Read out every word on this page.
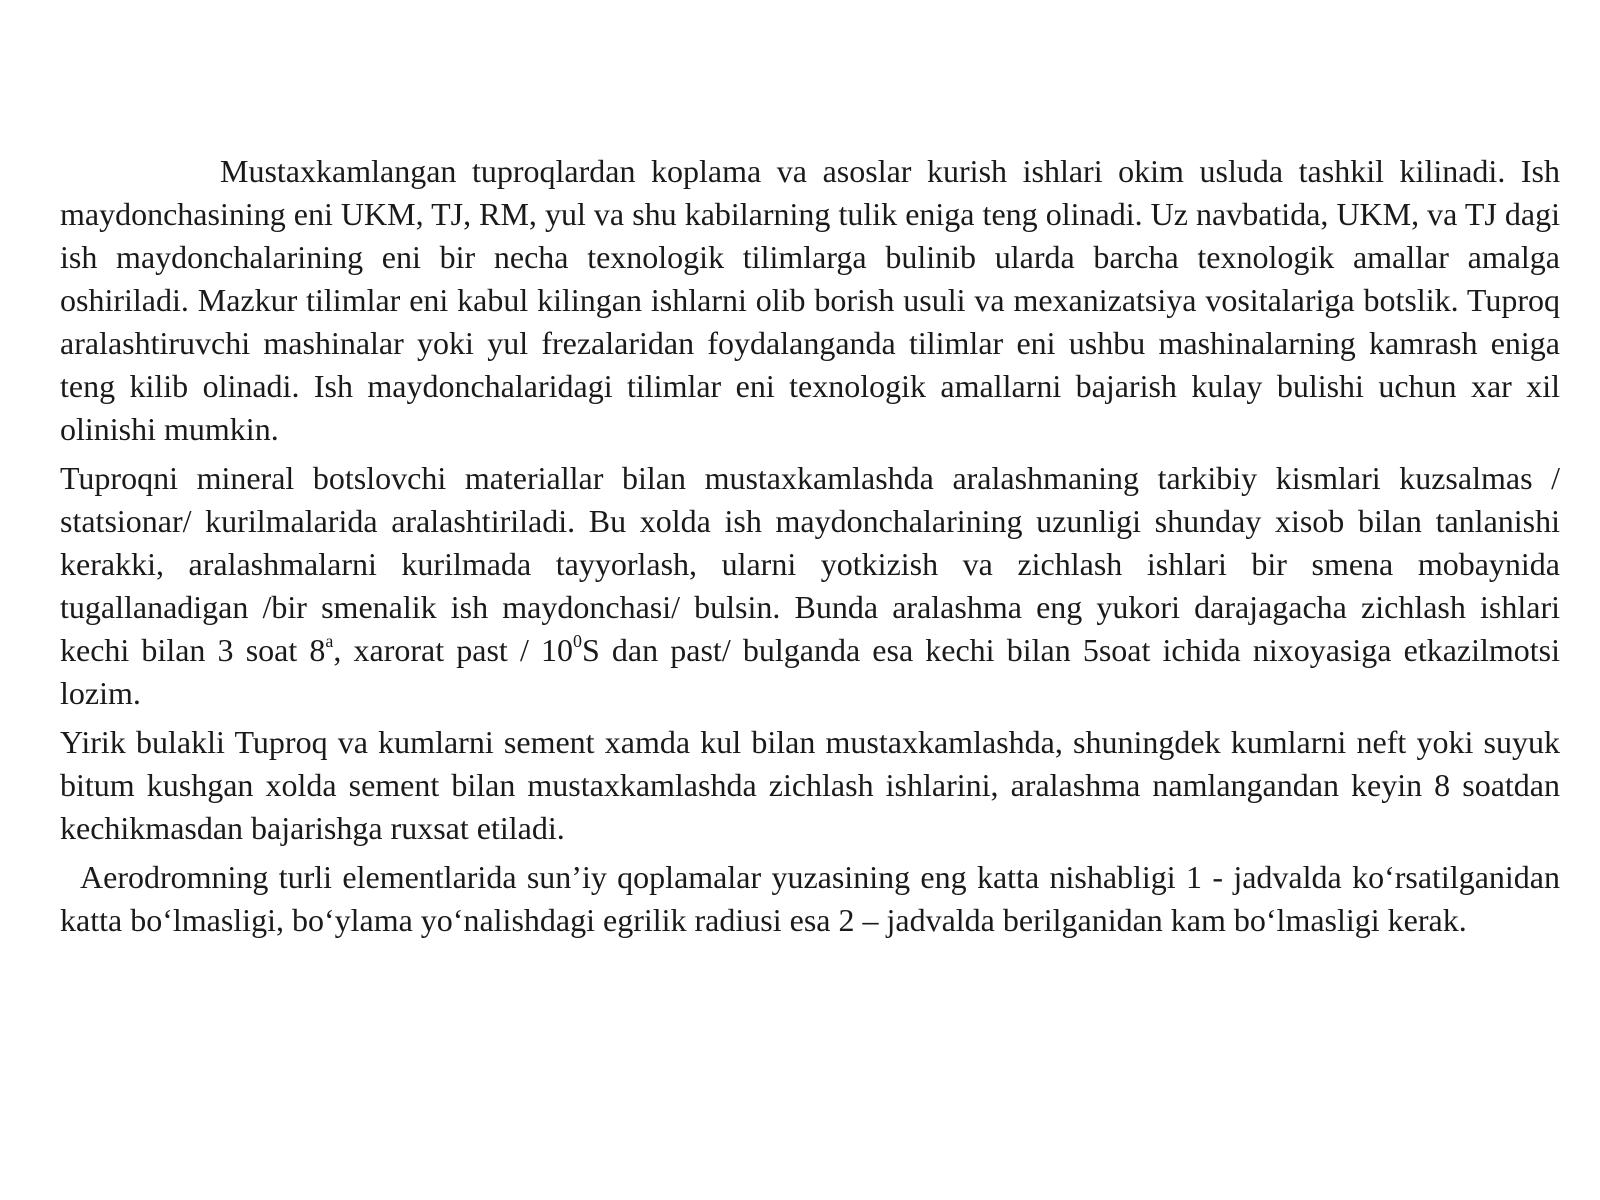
Mustaxkamlangan tuproqlardan koplama va asoslar kurish ishlari okim usluda tashkil kilinadi. Ish maydonchasining eni UKM, TJ, RM, yul va shu kabilarning tulik eniga teng olinadi. Uz navbatida, UKM, va TJ dagi ish maydonchalarining eni bir necha texnologik tilimlarga bulinib ularda barcha texnologik amallar amalga oshiriladi. Mazkur tilimlar eni kabul kilingan ishlarni olib borish usuli va mexanizatsiya vositalariga botslik. Tuproq aralashtiruvchi mashinalar yoki yul frezalaridan foydalanganda tilimlar eni ushbu mashinalarning kamrash eniga teng kilib olinadi. Ish maydonchalaridagi tilimlar eni texnologik amallarni bajarish kulay bulishi uchun xar xil olinishi mumkin.

Tuproqni mineral botslovchi materiallar bilan mustaxkamlashda aralashmaning tarkibiy kismlari kuzsalmas / statsionar/ kurilmalarida aralashtiriladi. Bu xolda ish maydonchalarining uzunligi shunday xisob bilan tanlanishi kerakki, aralashmalarni kurilmada tayyorlash, ularni yotkizish va zichlash ishlari bir smena mobaynida tugallanadigan /bir smenalik ish maydonchasi/ bulsin. Bunda aralashma eng yukori darajagacha zichlash ishlari kechi bilan 3 soat 8$^a$, xarorat past / $10^0S$ dan past/ bulganda esa kechi bilan 5soat ichida nixoyasiga etkazilmotsi lozim.

Yirik bulakli Tuproq va kumlarni sement xamda kul bilan mustaxkamlashda, shuningdek kumlarni neft yoki suyuk bitum kushgan xolda sement bilan mustaxkamlashda zichlash ishlarini, aralashma namlangandan keyin 8 soatdan kechikmasdan bajarishga ruxsat etiladi.

Aerodromning turli elementlarida sun’iy qoplamalar yuzasining eng katta nishabligi 1 - jadvalda ko‘rsatilganidan katta bo‘lmasligi, bo‘ylama yo‘nalishdagi egrilik radiusi esa 2 – jadvalda berilganidan kam bo‘lmasligi kerak.
